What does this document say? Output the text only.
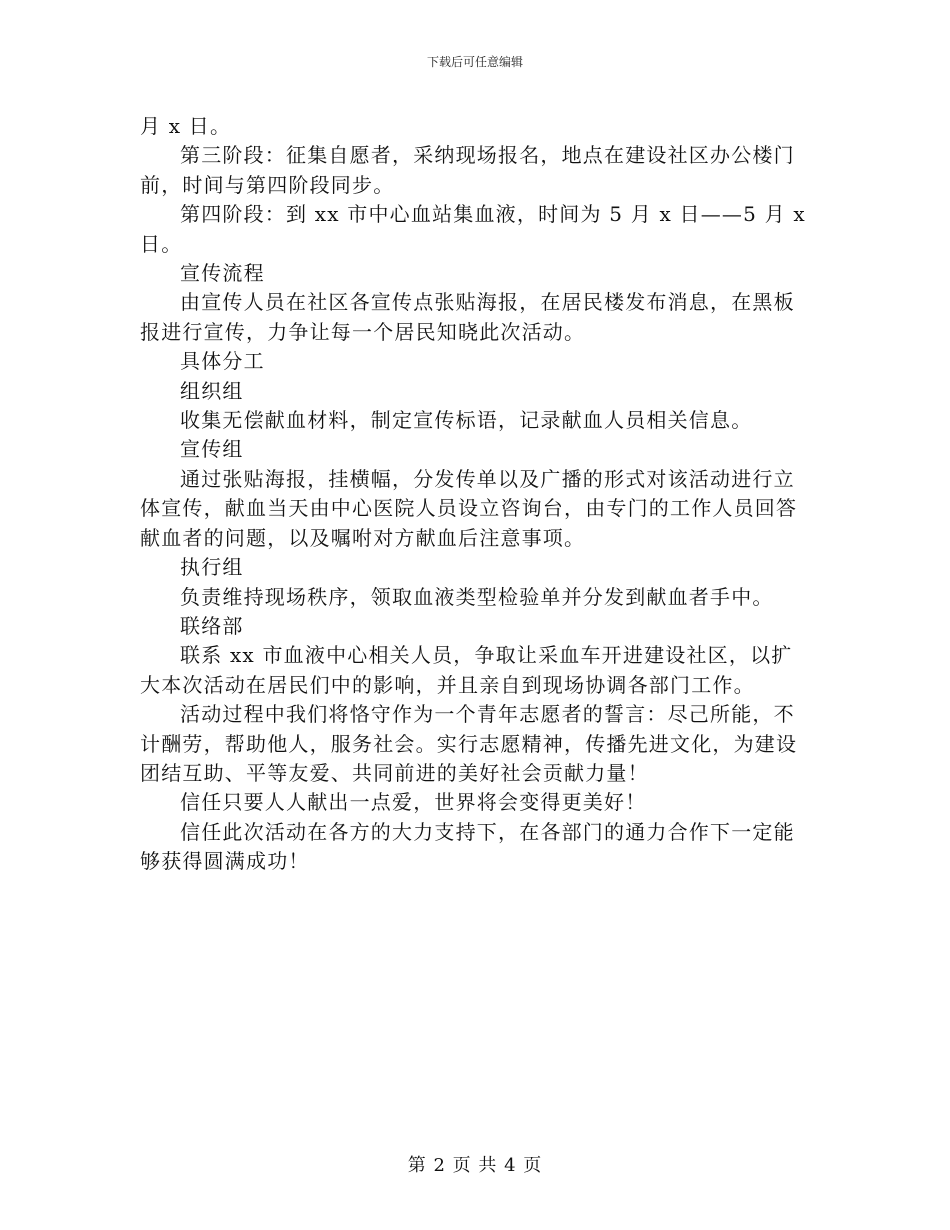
下载后可任意编辑

月 x 日。

第三阶段：征集自愿者，采纳现场报名，地点在建设社区办公楼门前，时间与第四阶段同步。

第四阶段：到 xx 市中心血站集血液，时间为 5 月 x 日——5 月 x 日。

宣传流程

由宣传人员在社区各宣传点张贴海报，在居民楼发布消息，在黑板报进行宣传，力争让每一个居民知晓此次活动。

具体分工

组织组

收集无偿献血材料，制定宣传标语，记录献血人员相关信息。

宣传组

通过张贴海报，挂横幅，分发传单以及广播的形式对该活动进行立体宣传，献血当天由中心医院人员设立咨询台，由专门的工作人员回答献血者的问题，以及嘱咐对方献血后注意事项。

执行组

负责维持现场秩序，领取血液类型检验单并分发到献血者手中。

联络部

联系 xx 市血液中心相关人员，争取让采血车开进建设社区，以扩大本次活动在居民们中的影响，并且亲自到现场协调各部门工作。

活动过程中我们将恪守作为一个青年志愿者的誓言：尽己所能，不计酬劳，帮助他人，服务社会。实行志愿精神，传播先进文化，为建设团结互助、平等友爱、共同前进的美好社会贡献力量！

信任只要人人献出一点爱，世界将会变得更美好！

信任此次活动在各方的大力支持下，在各部门的通力合作下一定能够获得圆满成功！

第 2 页 共 4 页
